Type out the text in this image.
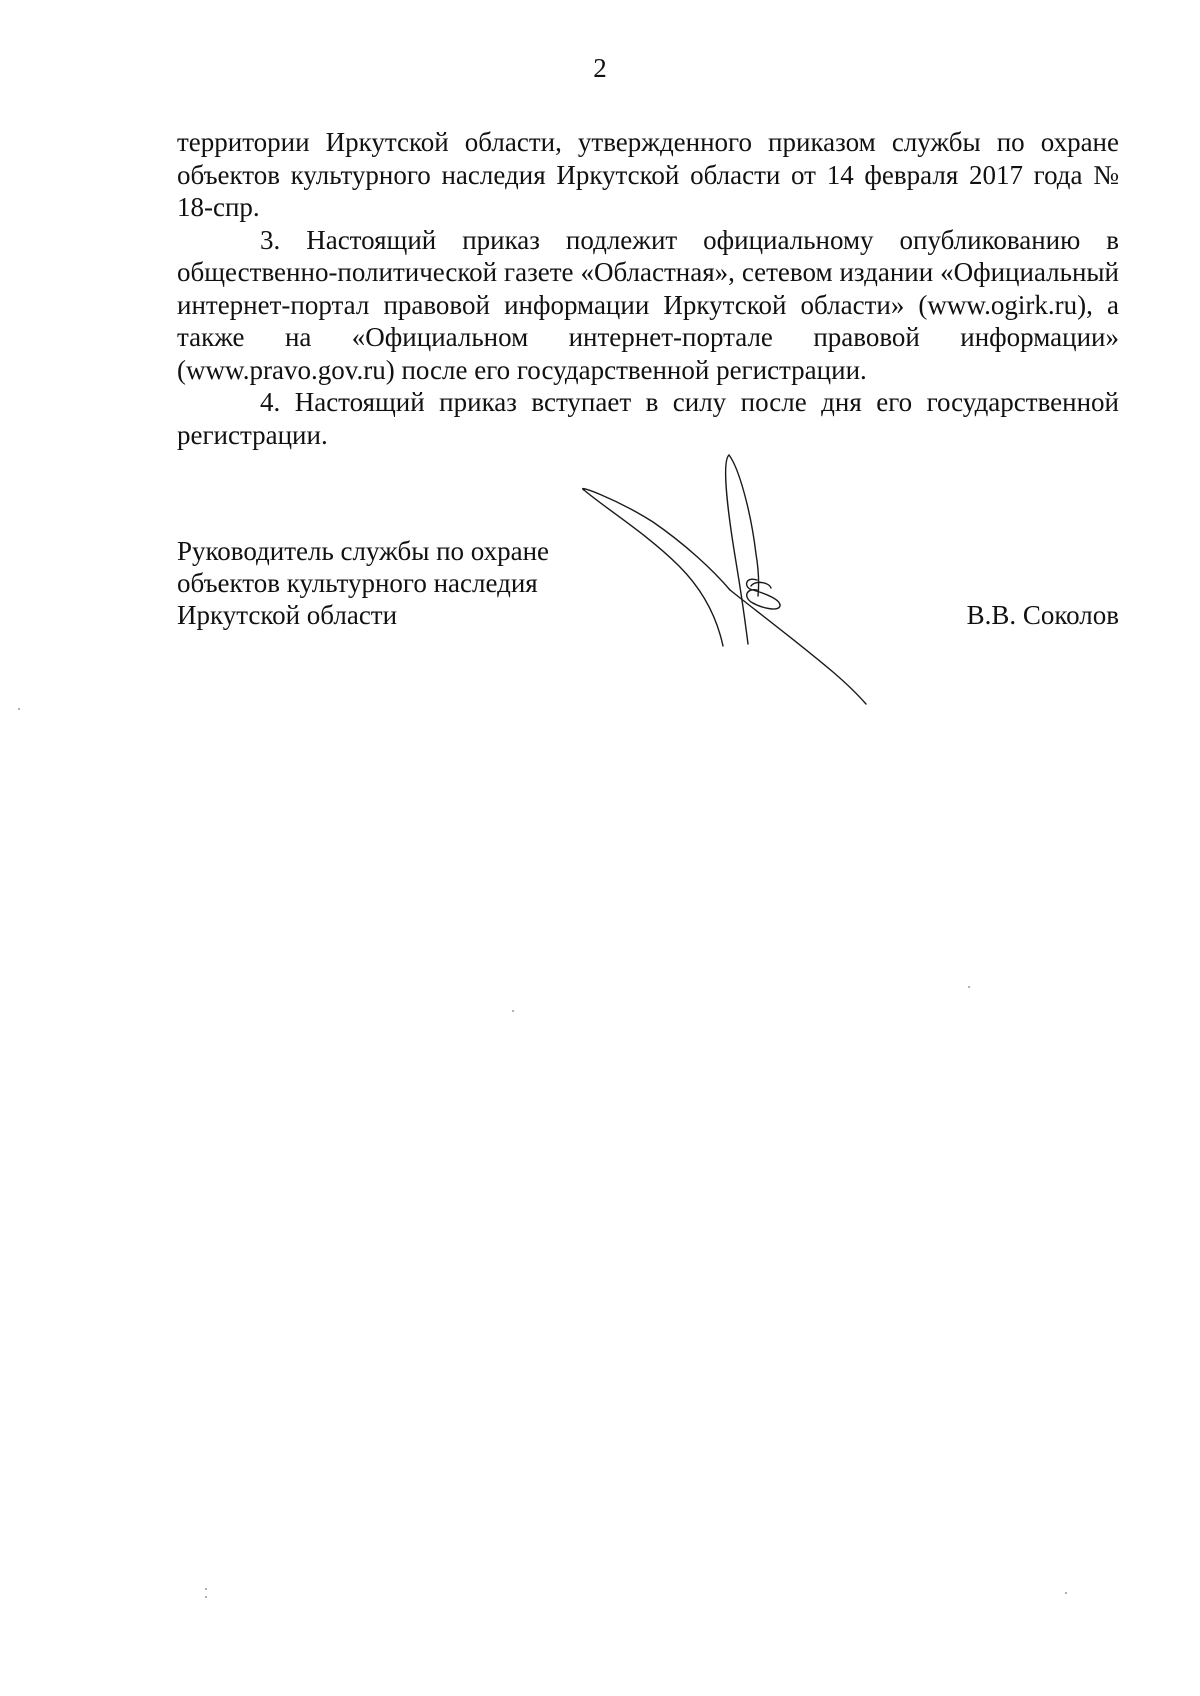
2

территории Иркутской области, утвержденного приказом службы по охране объектов культурного наследия Иркутской области от 14 февраля 2017 года № 18-спр.

3. Настоящий приказ подлежит официальному опубликованию в общественно-политической газете «Областная», сетевом издании «Официальный интернет-портал правовой информации Иркутской области» (www.ogirk.ru), а также на «Официальном интернет-портале правовой информации» (www.pravo.gov.ru) после его государственной регистрации.

4. Настоящий приказ вступает в силу после дня его государственной регистрации.

Руководитель службы по охране
объектов культурного наследия
Иркутской области	В.В. Соколов
